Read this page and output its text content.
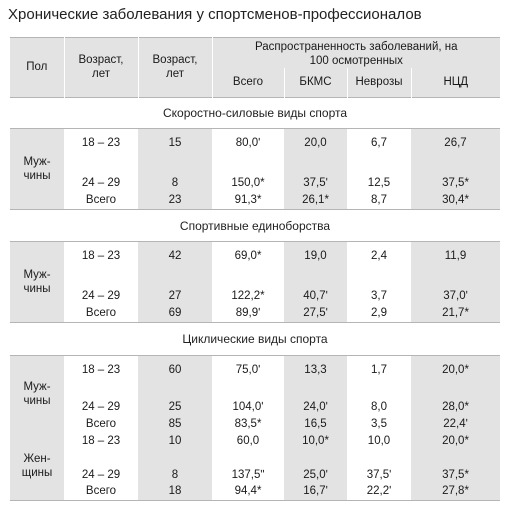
Хронические заболевания у спортсменов-профессионалов
Пол	Возраст, лет	Возраст, лет	Распространенность заболеваний, на 100 осмотренных			
			Всего	БКМС	Неврозы	НЦД
Скоростно-силовые виды спорта
Муж-чины	18 – 23	15	80,0ʹ	20,0	6,7	26,7
	24 – 29	8	150,0*	37,5ʹ	12,5	37,5*
	Всего	23	91,3*	26,1*	8,7	30,4*
Спортивные единоборства
Муж-чины	18 – 23	42	69,0*	19,0	2,4	11,9
	24 – 29	27	122,2*	40,7ʹ	3,7	37,0ʹ
	Всего	69	89,9ʹ	27,5ʹ	2,9	21,7*
Циклические виды спорта
Муж-чины	18 – 23	60	75,0ʹ	13,3	1,7	20,0*
	24 – 29	25	104,0ʹ	24,0ʹ	8,0	28,0*
	Всего	85	83,5*	16,5	3,5	22,4ʹ
Жен-щины	18 – 23	10	60,0	10,0*	10,0	20,0*
	24 – 29	8	137,5ʺ	25,0ʹ	37,5ʹ	37,5*
	Всего	18	94,4*	16,7ʹ	22,2ʹ	27,8*
